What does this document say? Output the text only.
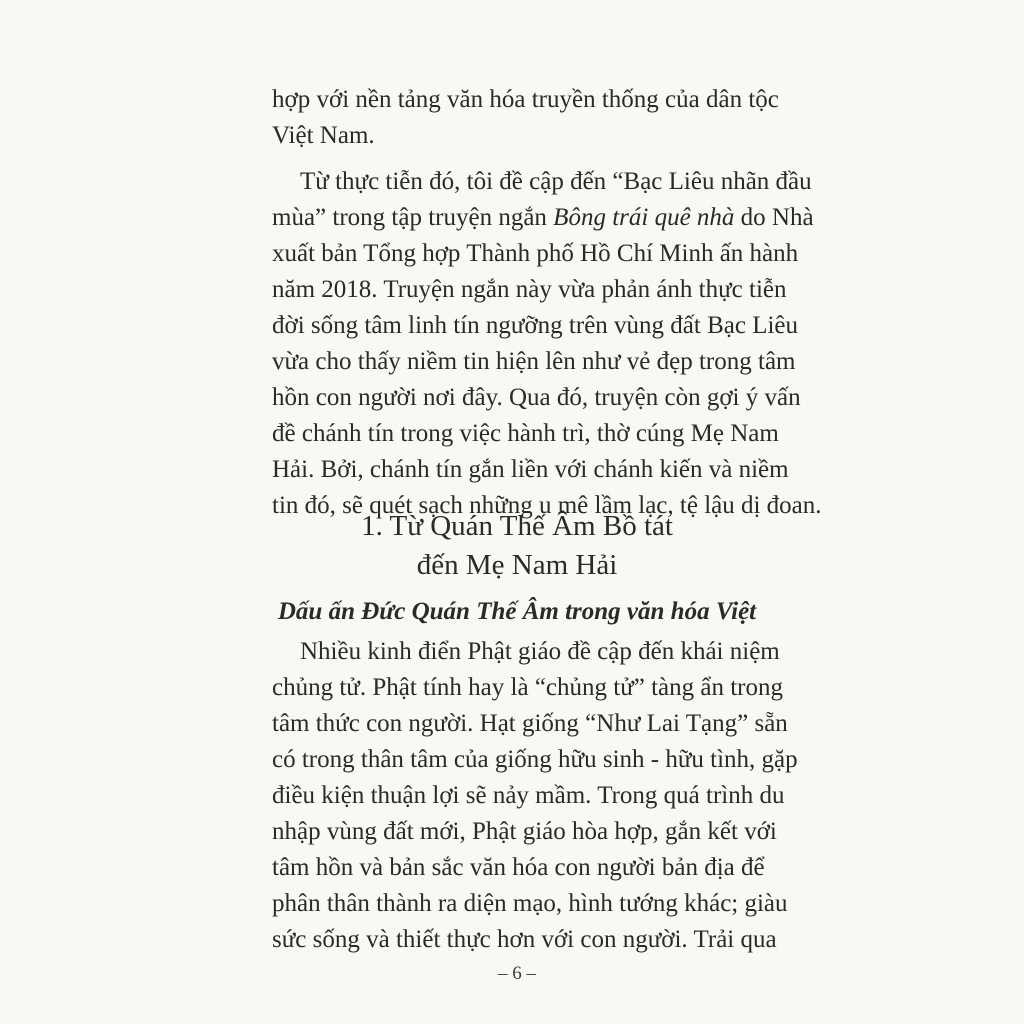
hợp với nền tảng văn hóa truyền thống của dân tộc
Việt Nam.
Từ thực tiễn đó, tôi đề cập đến “Bạc Liêu nhãn đầu
mùa” trong tập truyện ngắn Bông trái quê nhà do Nhà
xuất bản Tổng hợp Thành phố Hồ Chí Minh ấn hành
năm 2018. Truyện ngắn này vừa phản ánh thực tiễn
đời sống tâm linh tín ngưỡng trên vùng đất Bạc Liêu
vừa cho thấy niềm tin hiện lên như vẻ đẹp trong tâm
hồn con người nơi đây. Qua đó, truyện còn gợi ý vấn
đề chánh tín trong việc hành trì, thờ cúng Mẹ Nam
Hải. Bởi, chánh tín gắn liền với chánh kiến và niềm
tin đó, sẽ quét sạch những u mê lầm lạc, tệ lậu dị đoan.
1. Từ Quán Thế Âm Bồ tát
đến Mẹ Nam Hải
Dấu ấn Đức Quán Thế Âm trong văn hóa Việt
Nhiều kinh điển Phật giáo đề cập đến khái niệm
chủng tử. Phật tính hay là “chủng tử” tàng ẩn trong
tâm thức con người. Hạt giống “Như Lai Tạng” sẵn
có trong thân tâm của giống hữu sinh - hữu tình, gặp
điều kiện thuận lợi sẽ nảy mầm. Trong quá trình du
nhập vùng đất mới, Phật giáo hòa hợp, gắn kết với
tâm hồn và bản sắc văn hóa con người bản địa để
phân thân thành ra diện mạo, hình tướng khác; giàu
sức sống và thiết thực hơn với con người. Trải qua
– 6 –
